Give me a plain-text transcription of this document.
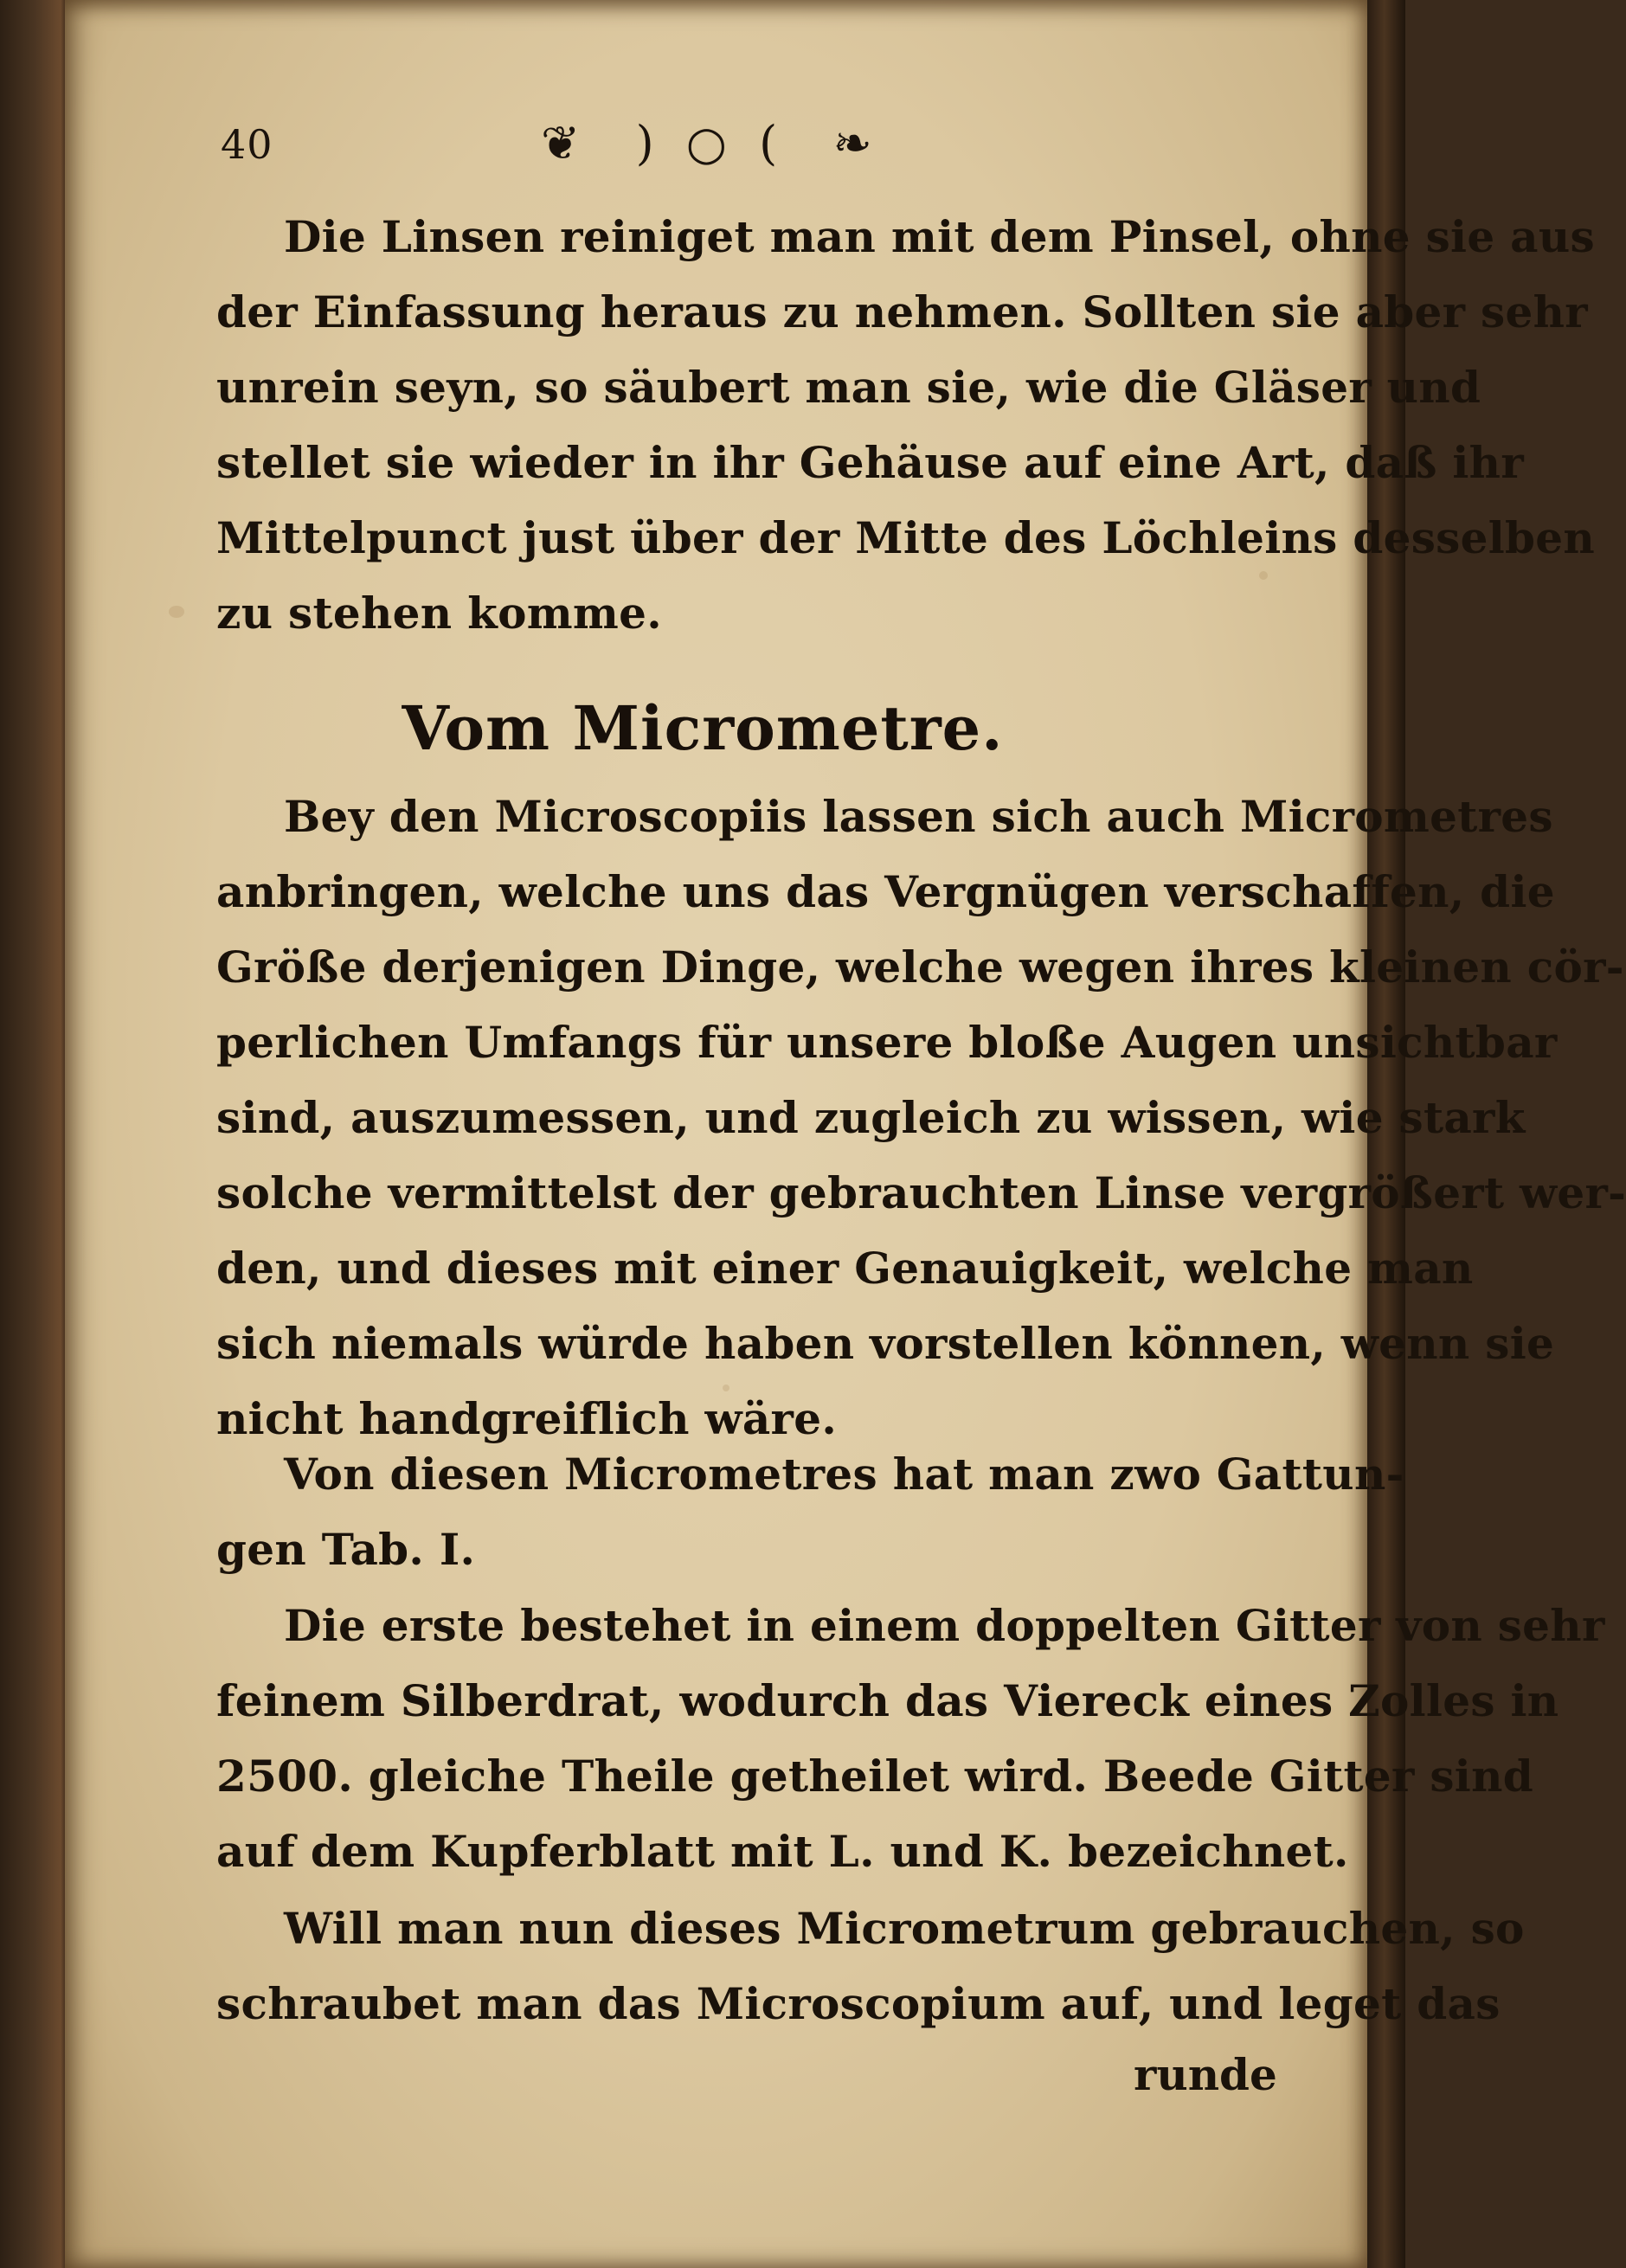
40	❦  ) ○ (  ❧
Die Linsen reiniget man mit dem Pinsel, ohne sie aus
der Einfassung heraus zu nehmen. Sollten sie aber sehr
unrein seyn, so säubert man sie, wie die Gläser und
stellet sie wieder in ihr Gehäuse auf eine Art, daß ihr
Mittelpunct just über der Mitte des Löchleins desselben
zu stehen komme.
Vom Micrometre.
Bey den Microscopiis lassen sich auch Micrometres
anbringen, welche uns das Vergnügen verschaffen, die
Größe derjenigen Dinge, welche wegen ihres kleinen cör-
perlichen Umfangs für unsere bloße Augen unsichtbar
sind, auszumessen, und zugleich zu wissen, wie stark
solche vermittelst der gebrauchten Linse vergrößert wer-
den, und dieses mit einer Genauigkeit, welche man
sich niemals würde haben vorstellen können, wenn sie
nicht handgreiflich wäre.
Von diesen Micrometres hat man zwo Gattun-
gen Tab. I.
Die erste bestehet in einem doppelten Gitter von sehr
feinem Silberdrat, wodurch das Viereck eines Zolles in
2500. gleiche Theile getheilet wird. Beede Gitter sind
auf dem Kupferblatt mit L. und K. bezeichnet.
Will man nun dieses Micrometrum gebrauchen, so
schraubet man das Microscopium auf, und leget das
runde
